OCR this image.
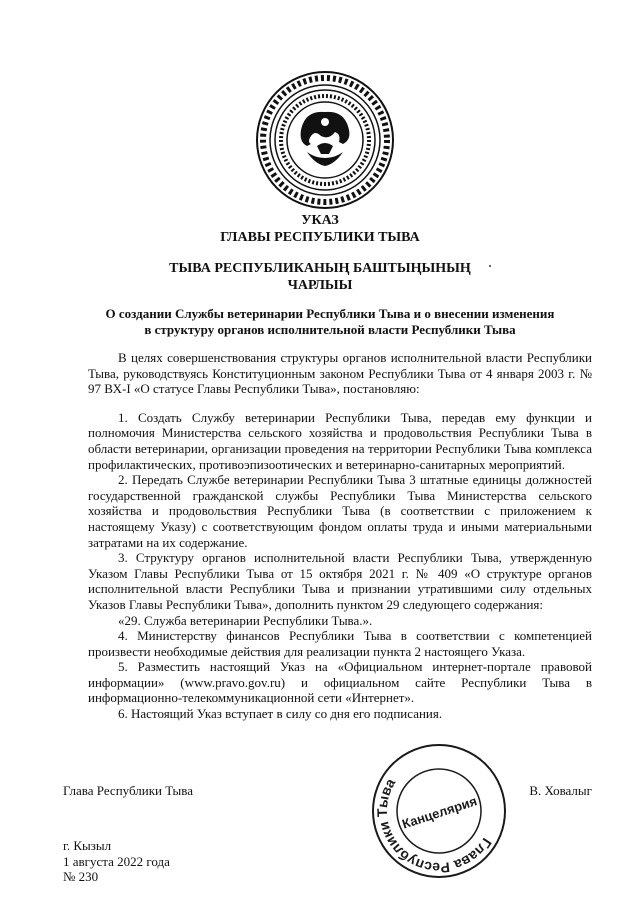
УКАЗ
ГЛАВЫ РЕСПУБЛИКИ ТЫВА
ТЫВА РЕСПУБЛИКАНЫҢ БАШТЫҢЫНЫҢ
ЧАРЛЫЫ
О создании Службы ветеринарии Республики Тыва и о внесении изменения
в структуру органов исполнительной власти Республики Тыва

В целях совершенствования структуры органов исполнительной власти Республики Тыва, руководствуясь Конституционным законом Республики Тыва от 4 января 2003 г. № 97 ВХ-I «О статусе Главы Республики Тыва», постановляю:

1. Создать Службу ветеринарии Республики Тыва, передав ему функции и полномочия Министерства сельского хозяйства и продовольствия Республики Тыва в области ветеринарии, организации проведения на территории Республики Тыва комплекса профилактических, противоэпизоотических и ветеринарно-санитарных мероприятий.

2. Передать Службе ветеринарии Республики Тыва 3 штатные единицы должностей государственной гражданской службы Республики Тыва Министерства сельского хозяйства и продовольствия Республики Тыва (в соответствии с приложением к настоящему Указу) с соответствующим фондом оплаты труда и иными материальными затратами на их содержание.

3. Структуру органов исполнительной власти Республики Тыва, утвержденную Указом Главы Республики Тыва от 15 октября 2021 г. № 409 «О структуре органов исполнительной власти Республики Тыва и признании утратившими силу отдельных Указов Главы Республики Тыва», дополнить пунктом 29 следующего содержания:

«29. Служба ветеринарии Республики Тыва.».

4. Министерству финансов Республики Тыва в соответствии с компетенцией произвести необходимые действия для реализации пункта 2 настоящего Указа.

5. Разместить настоящий Указ на «Официальном интернет-портале правовой информации» (www.pravo.gov.ru) и официальном сайте Республики Тыва в информационно-телекоммуникационной сети «Интернет».

6. Настоящий Указ вступает в силу со дня его подписания.

Глава Республики Тыва	В. Ховалыг
Глава Республики Тыва
Канцелярия
г. Кызыл
1 августа 2022 года
№ 230
